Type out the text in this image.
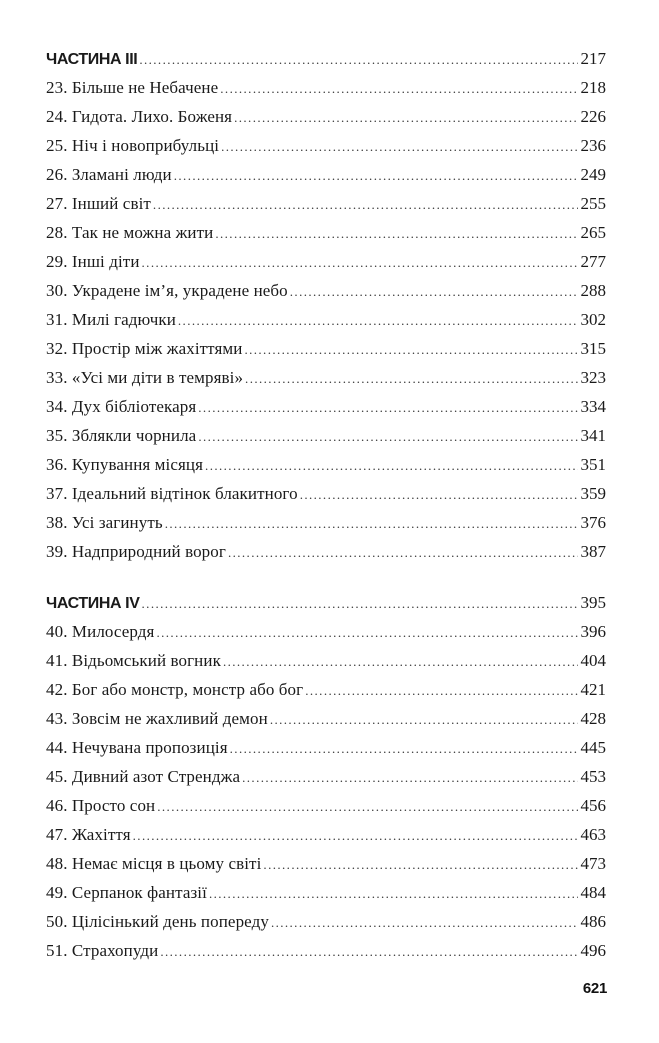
ЧАСТИНА III .....	217
23. Більше не Небачене .....	218
24. Гидота. Лихо. Боженя .....	226
25. Ніч і новоприбульці .....	236
26. Зламані люди .....	249
27. Інший світ .....	255
28. Так не можна жити .....	265
29. Інші діти .....	277
30. Украдене ім’я, украдене небо .....	288
31. Милі гадючки .....	302
32. Простір між жахіттями .....	315
33. «Усі ми діти в темряві» .....	323
34. Дух бібліотекаря .....	334
35. Зблякли чорнила .....	341
36. Купування місяця .....	351
37. Ідеальний відтінок блакитного .....	359
38. Усі загинуть .....	376
39. Надприродний ворог .....	387
ЧАСТИНА IV .....	395
40. Милосердя .....	396
41. Відьомський вогник .....	404
42. Бог або монстр, монстр або бог .....	421
43. Зовсім не жахливий демон .....	428
44. Нечувана пропозиція .....	445
45. Дивний азот Стренджа .....	453
46. Просто сон .....	456
47. Жахіття .....	463
48. Немає місця в цьому світі .....	473
49. Серпанок фантазії .....	484
50. Цілісінький день попереду .....	486
51. Страхопуди .....	496
621
